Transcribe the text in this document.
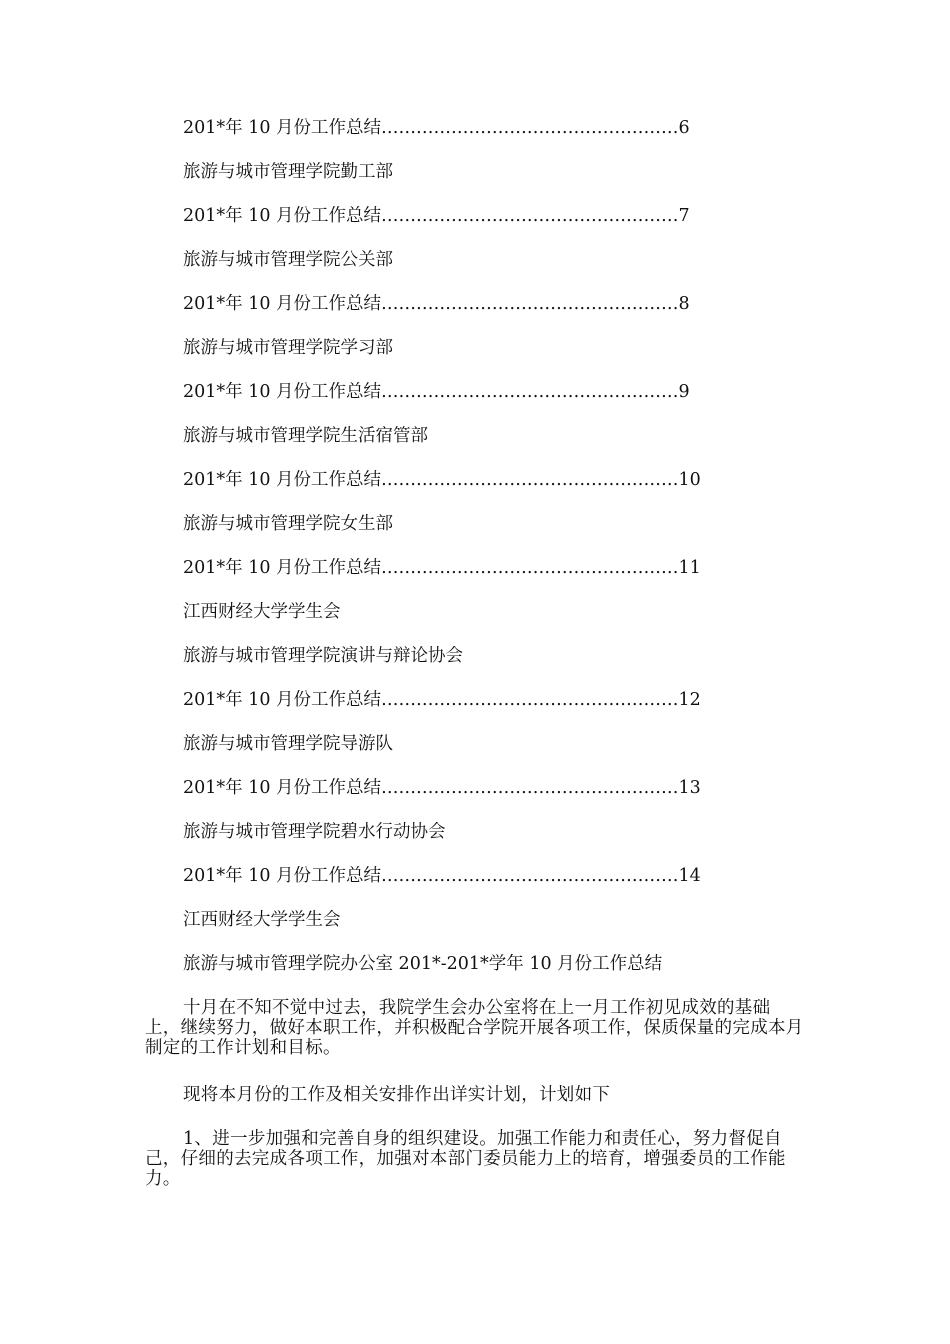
201*年 10 月份工作总结……………………………………………6
旅游与城市管理学院勤工部
201*年 10 月份工作总结……………………………………………7
旅游与城市管理学院公关部
201*年 10 月份工作总结……………………………………………8
旅游与城市管理学院学习部
201*年 10 月份工作总结……………………………………………9
旅游与城市管理学院生活宿管部
201*年 10 月份工作总结……………………………………………10
旅游与城市管理学院女生部
201*年 10 月份工作总结……………………………………………11
江西财经大学学生会
旅游与城市管理学院演讲与辩论协会
201*年 10 月份工作总结……………………………………………12
旅游与城市管理学院导游队
201*年 10 月份工作总结……………………………………………13
旅游与城市管理学院碧水行动协会
201*年 10 月份工作总结……………………………………………14
江西财经大学学生会
旅游与城市管理学院办公室 201*-201*学年 10 月份工作总结

十月在不知不觉中过去，我院学生会办公室将在上一月工作初见成效的基础上，继续努力，做好本职工作，并积极配合学院开展各项工作，保质保量的完成本月制定的工作计划和目标。

现将本月份的工作及相关安排作出详实计划，计划如下

1、进一步加强和完善自身的组织建设。加强工作能力和责任心，努力督促自己，仔细的去完成各项工作，加强对本部门委员能力上的培育，增强委员的工作能力。
